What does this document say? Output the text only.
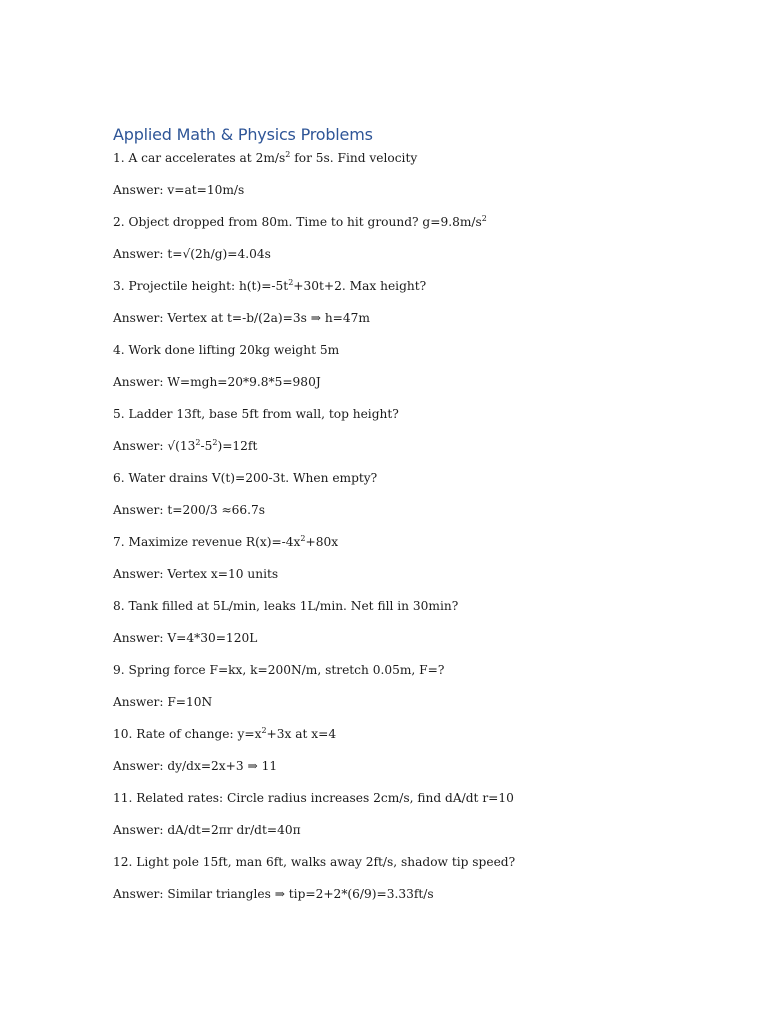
Applied Math & Physics Problems
1. A car accelerates at $2m/s^2$ for 5s. Find velocity
Answer: v=at=10m/s
2. Object dropped from 80m. Time to hit ground? $g=9.8m/s^2$
Answer: t=√(2h/g)=4.04s
3. Projectile height: $h(t)=-5t^2+30t+2$. Max height?
Answer: Vertex at t=-b/(2a)=3s ⇒ h=47m
4. Work done lifting 20kg weight 5m
Answer: W=mgh=20*9.8*5=980J
5. Ladder 13ft, base 5ft from wall, top height?
Answer: $√(13^2-5^2)=12ft$
6. Water drains V(t)=200-3t. When empty?
Answer: t=200/3 ≈66.7s
7. Maximize revenue $R(x)=-4x^2+80x$
Answer: Vertex x=10 units
8. Tank filled at 5L/min, leaks 1L/min. Net fill in 30min?
Answer: V=4*30=120L
9. Spring force F=kx, k=200N/m, stretch 0.05m, F=?
Answer: F=10N
10. Rate of change: $y=x^2+3x$ at x=4
Answer: dy/dx=2x+3 ⇒ 11
11. Related rates: Circle radius increases 2cm/s, find dA/dt r=10
Answer: dA/dt=2πr dr/dt=40π
12. Light pole 15ft, man 6ft, walks away 2ft/s, shadow tip speed?
Answer: Similar triangles ⇒ tip=2+2*(6/9)=3.33ft/s
